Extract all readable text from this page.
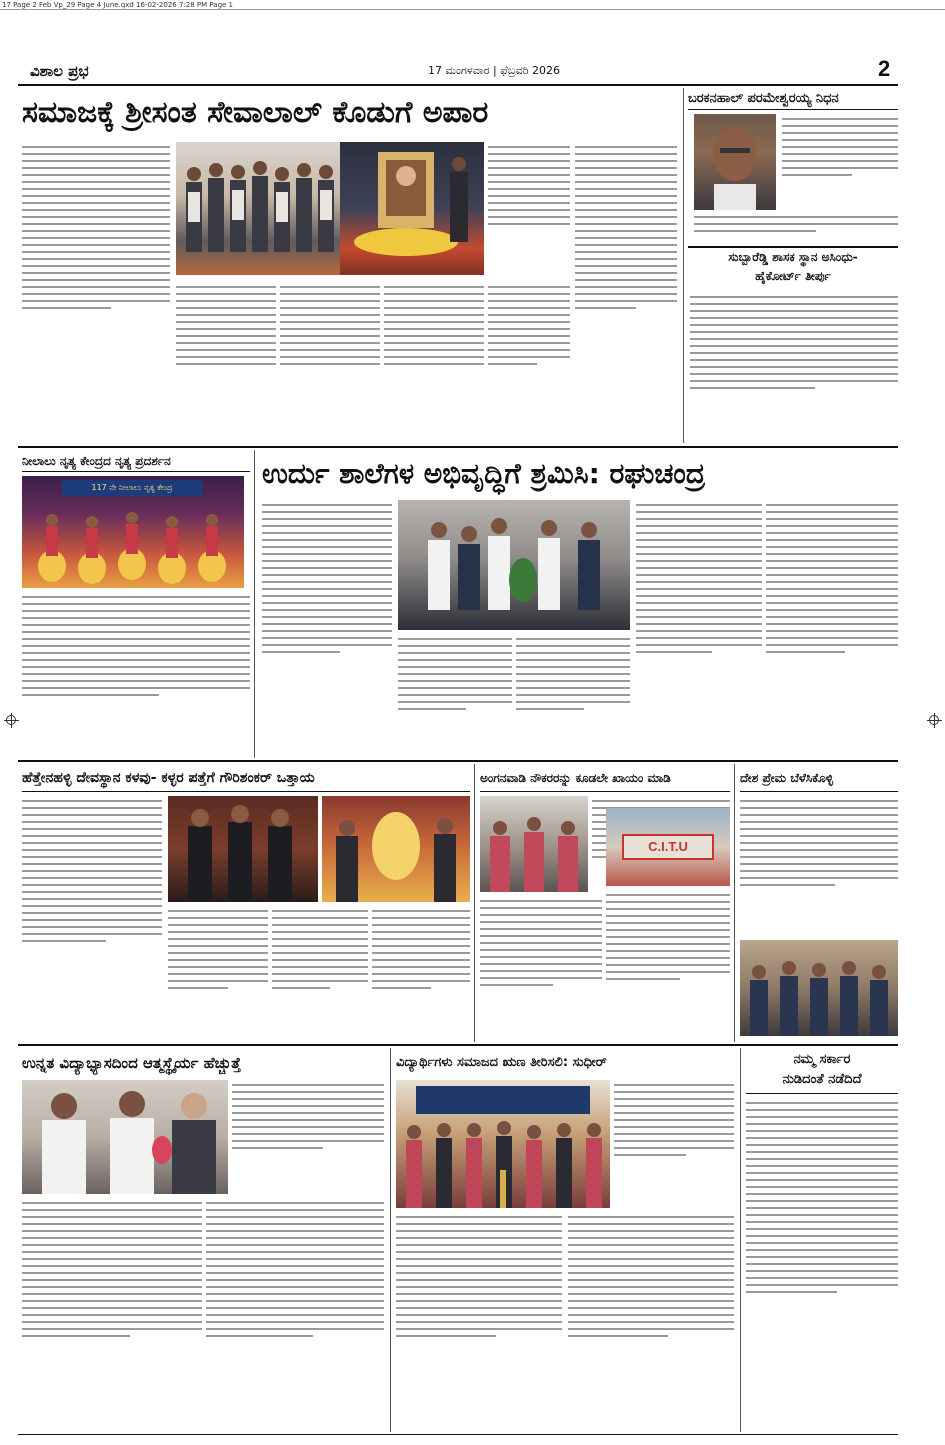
17 Page 2 Feb Vp_29 Page 4 June.qxd 16-02-2026 7:28 PM Page 1
ವಿಶಾಲ ಪ್ರಭ	17 ಮಂಗಳವಾರ | ಫೆಬ್ರವರಿ 2026	2
ಸಮಾಜಕ್ಕೆ ಶ್ರೀಸಂತ ಸೇವಾಲಾಲ್ ಕೊಡುಗೆ ಅಪಾರ	ಬರಕನಹಾಲ್ ಪರಮೇಶ್ವರಯ್ಯ ನಿಧನ
ಸುಬ್ಬಾರೆಡ್ಡಿ ಶಾಸಕ ಸ್ಥಾನ ಅಸಿಂಧು-
ಹೈಕೋರ್ಟ್ ತೀರ್ಪು
ನೀಲಾಲು ನೃತ್ಯ ಕೇಂದ್ರದ ನೃತ್ಯ ಪ್ರದರ್ಶನ
117 ನೇ ನೀಲಾಲು ನೃತ್ಯ ಕೇಂದ್ರ	ಉರ್ದು ಶಾಲೆಗಳ ಅಭಿವೃದ್ಧಿಗೆ ಶ್ರಮಿಸಿ: ರಘುಚಂದ್ರ
ಹೆತ್ತೇನಹಳ್ಳಿ ದೇವಸ್ಥಾನ ಕಳವು- ಕಳ್ಳರ ಪತ್ತೆಗೆ ಗೌರಿಶಂಕರ್ ಒತ್ತಾಯ	ಅಂಗನವಾಡಿ ನೌಕರರನ್ನು ಕೂಡಲೇ ಖಾಯಂ ಮಾಡಿ
C.I.T.U
ದೇಶ ಪ್ರೇಮ ಬೆಳೆಸಿಕೊಳ್ಳಿ
ಉನ್ನತ ವಿದ್ಯಾಭ್ಯಾಸದಿಂದ ಆತ್ಮಸ್ಥೈರ್ಯ ಹೆಚ್ಚುತ್ತೆ	ವಿದ್ಯಾರ್ಥಿಗಳು ಸಮಾಜದ ಋಣ ತೀರಿಸಲಿ: ಸುಧೀರ್	ನಮ್ಮ ಸರ್ಕಾರ
ನುಡಿದಂತೆ ನಡೆದಿದೆ
